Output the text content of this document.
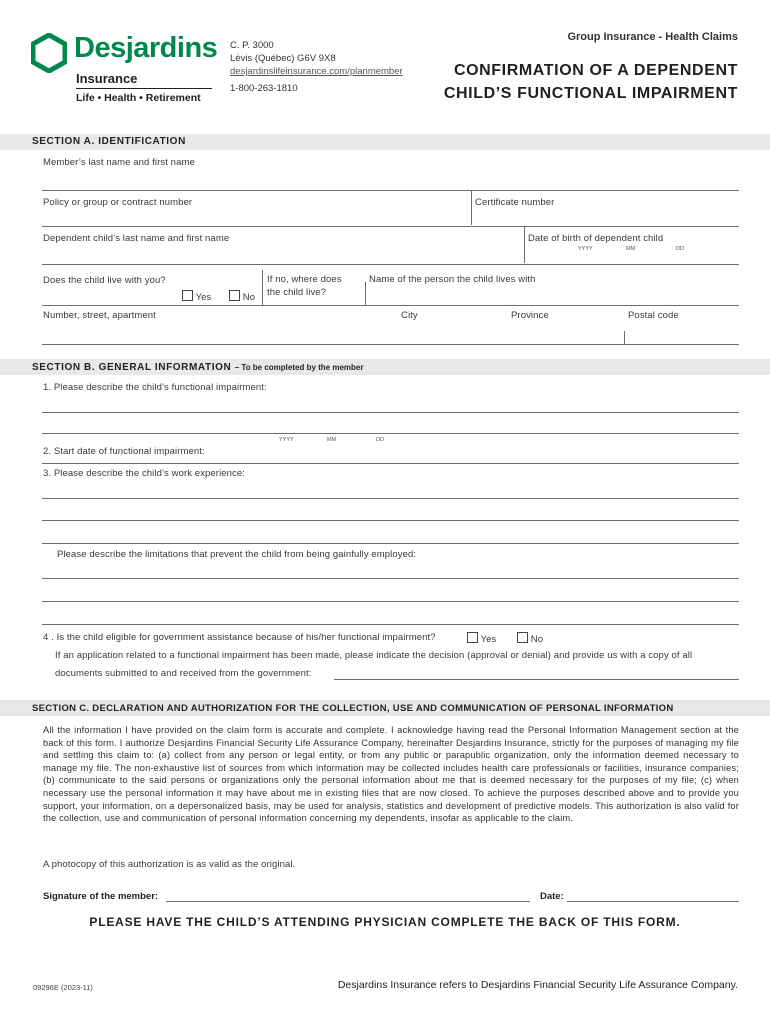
Desjardins
Insurance
Life • Health • Retirement
C. P. 3000
Lévis (Québec) G6V 9X8
desjardinslifeinsurance.com/planmember
1-800-263-1810
Group Insurance - Health Claims
CONFIRMATION OF A DEPENDENT
CHILD’S FUNCTIONAL IMPAIRMENT
SECTION A. IDENTIFICATION
Member’s last name and first name
Policy or group or contract number	Certificate number
Dependent child’s last name and first name	Date of birth of dependent child
YYYY	MM	DD
Does the child live with you?
Yes	No
If no, where does
the child live?
Name of the person the child lives with
Number, street, apartment	City	Province	Postal code
SECTION B. GENERAL INFORMATION – To be completed by the member
1. Please describe the child’s functional impairment:
YYYY	MM	DD
2. Start date of functional impairment:
3. Please describe the child’s work experience:
Please describe the limitations that prevent the child from being gainfully employed:
4 . Is the child eligible for government assistance because of his/her functional impairment?	Yes	No
If an application related to a functional impairment has been made, please indicate the decision (approval or denial) and provide us with a copy of all
documents submitted to and received from the government:
SECTION C. DECLARATION AND AUTHORIZATION FOR THE COLLECTION, USE AND COMMUNICATION OF PERSONAL INFORMATION
All the information I have provided on the claim form is accurate and complete. I acknowledge having read the Personal Information Management section at the back of this form. I authorize Desjardins Financial Security Life Assurance Company, hereinafter Desjardins Insurance, strictly for the purposes of managing my file and settling this claim to: (a) collect from any person or legal entity, or from any public or parapublic organization, only the information deemed necessary to manage my file. The non-exhaustive list of sources from which information may be collected includes health care professionals or facilities, insurance companies; (b) communicate to the said persons or organizations only the personal information about me that is deemed necessary for the purposes of my file; (c) when necessary use the personal information it may have about me in existing files that are now closed. To achieve the purposes described above and to provide you support, your information, on a depersonalized basis, may be used for analysis, statistics and development of predictive models. This authorization is also valid for the collection, use and communication of personal information concerning my dependents, insofar as applicable to the claim.
A photocopy of this authorization is as valid as the original.
Signature of the member:	Date:
PLEASE HAVE THE CHILD’S ATTENDING PHYSICIAN COMPLETE THE BACK OF THIS FORM.
09296E (2023-11)	Desjardins Insurance refers to Desjardins Financial Security Life Assurance Company.
